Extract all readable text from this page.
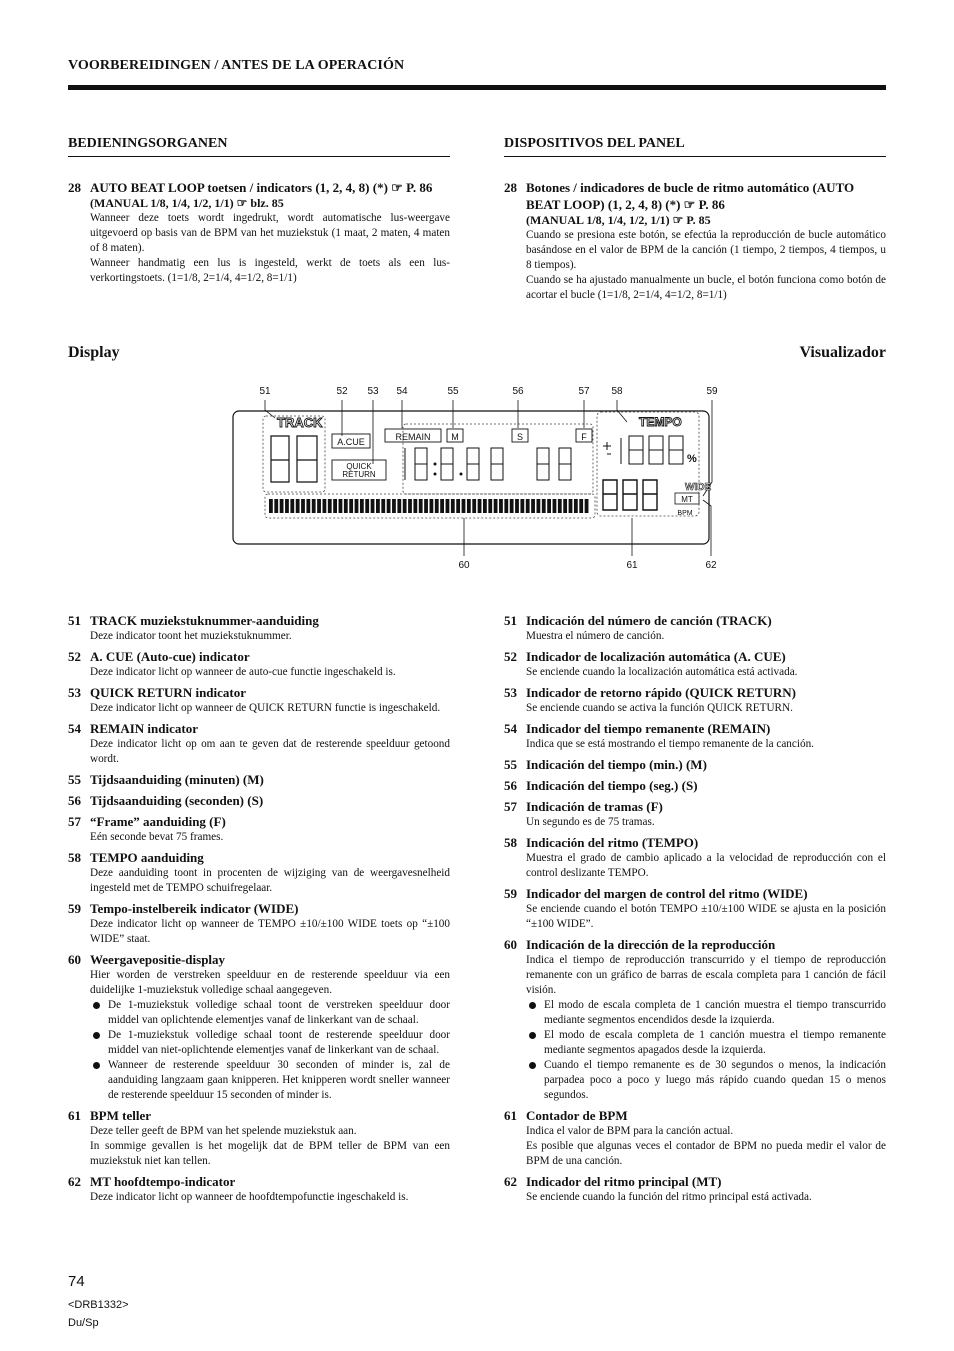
VOORBEREIDINGEN / ANTES DE LA OPERACIÓN
BEDIENINGSORGANEN	DISPOSITIVOS DEL PANEL
28 AUTO BEAT LOOP toetsen / indicators (1, 2, 4, 8) (*) ☞ P. 86
(MANUAL 1/8, 1/4, 1/2, 1/1) ☞ blz. 85
Wanneer deze toets wordt ingedrukt, wordt automatische lus-weergave uitgevoerd op basis van de BPM van het muziekstuk (1 maat, 2 maten, 4 maten of 8 maten).
Wanneer handmatig een lus is ingesteld, werkt de toets als een lus-verkortingstoets. (1=1/8, 2=1/4, 4=1/2, 8=1/1)
28 Botones / indicadores de bucle de ritmo automático (AUTO BEAT LOOP) (1, 2, 4, 8) (*) ☞ P. 86
(MANUAL 1/8, 1/4, 1/2, 1/1) ☞ P. 85
Cuando se presiona este botón, se efectúa la reproducción de bucle automático basándose en el valor de BPM de la canción (1 tiempo, 2 tiempos, 4 tiempos, u 8 tiempos).
Cuando se ha ajustado manualmente un bucle, el botón funciona como botón de acortar el bucle (1=1/8, 2=1/4, 4=1/2, 8=1/1)
Display	Visualizador
51	52 53 54	55	56	57 58	59
60	61	62
TRACK
A.CUE
QUICK
RETURN
REMAIN M	S	F
TEMPO
%
WIDE
MT
BPM
51 TRACK muziekstuknummer-aanduiding
Deze indicator toont het muziekstuknummer.
52 A. CUE (Auto-cue) indicator
Deze indicator licht op wanneer de auto-cue functie ingeschakeld is.
53 QUICK RETURN indicator
Deze indicator licht op wanneer de QUICK RETURN functie is ingeschakeld.
54 REMAIN indicator
Deze indicator licht op om aan te geven dat de resterende speelduur getoond wordt.
55 Tijdsaanduiding (minuten) (M)
56 Tijdsaanduiding (seconden) (S)
57 “Frame” aanduiding (F)
Eén seconde bevat 75 frames.
58 TEMPO aanduiding
Deze aanduiding toont in procenten de wijziging van de weergavesnelheid ingesteld met de TEMPO schuifregelaar.
59 Tempo-instelbereik indicator (WIDE)
Deze indicator licht op wanneer de TEMPO ±10/±100 WIDE toets op “±100 WIDE” staat.
60 Weergavepositie-display
Hier worden de verstreken speelduur en de resterende speelduur via een duidelijke 1-muziekstuk volledige schaal aangegeven.
De 1-muziekstuk volledige schaal toont de verstreken speelduur door middel van oplichtende elementjes vanaf de linkerkant van de schaal.
De 1-muziekstuk volledige schaal toont de resterende speelduur door middel van niet-oplichtende elementjes vanaf de linkerkant van de schaal.
Wanneer de resterende speelduur 30 seconden of minder is, zal de aanduiding langzaam gaan knipperen. Het knipperen wordt sneller wanneer de resterende speelduur 15 seconden of minder is.
61 BPM teller
Deze teller geeft de BPM van het spelende muziekstuk aan.
In sommige gevallen is het mogelijk dat de BPM teller de BPM van een muziekstuk niet kan tellen.
62 MT hoofdtempo-indicator
Deze indicator licht op wanneer de hoofdtempofunctie ingeschakeld is.
51 Indicación del número de canción (TRACK)
Muestra el número de canción.
52 Indicador de localización automática (A. CUE)
Se enciende cuando la localización automática está activada.
53 Indicador de retorno rápido (QUICK RETURN)
Se enciende cuando se activa la función QUICK RETURN.
54 Indicador del tiempo remanente (REMAIN)
Indica que se está mostrando el tiempo remanente de la canción.
55 Indicación del tiempo (min.) (M)
56 Indicación del tiempo (seg.) (S)
57 Indicación de tramas (F)
Un segundo es de 75 tramas.
58 Indicación del ritmo (TEMPO)
Muestra el grado de cambio aplicado a la velocidad de reproducción con el control deslizante TEMPO.
59 Indicador del margen de control del ritmo (WIDE)
Se enciende cuando el botón TEMPO ±10/±100 WIDE se ajusta en la posición “±100 WIDE”.
60 Indicación de la dirección de la reproducción
Indica el tiempo de reproducción transcurrido y el tiempo de reproducción remanente con un gráfico de barras de escala completa para 1 canción de fácil visión.
El modo de escala completa de 1 canción muestra el tiempo transcurrido mediante segmentos encendidos desde la izquierda.
El modo de escala completa de 1 canción muestra el tiempo remanente mediante segmentos apagados desde la izquierda.
Cuando el tiempo remanente es de 30 segundos o menos, la indicación parpadea poco a poco y luego más rápido cuando quedan 15 o menos segundos.
61 Contador de BPM
Indica el valor de BPM para la canción actual.
Es posible que algunas veces el contador de BPM no pueda medir el valor de BPM de una canción.
62 Indicador del ritmo principal (MT)
Se enciende cuando la función del ritmo principal está activada.
74
<DRB1332>
Du/Sp
